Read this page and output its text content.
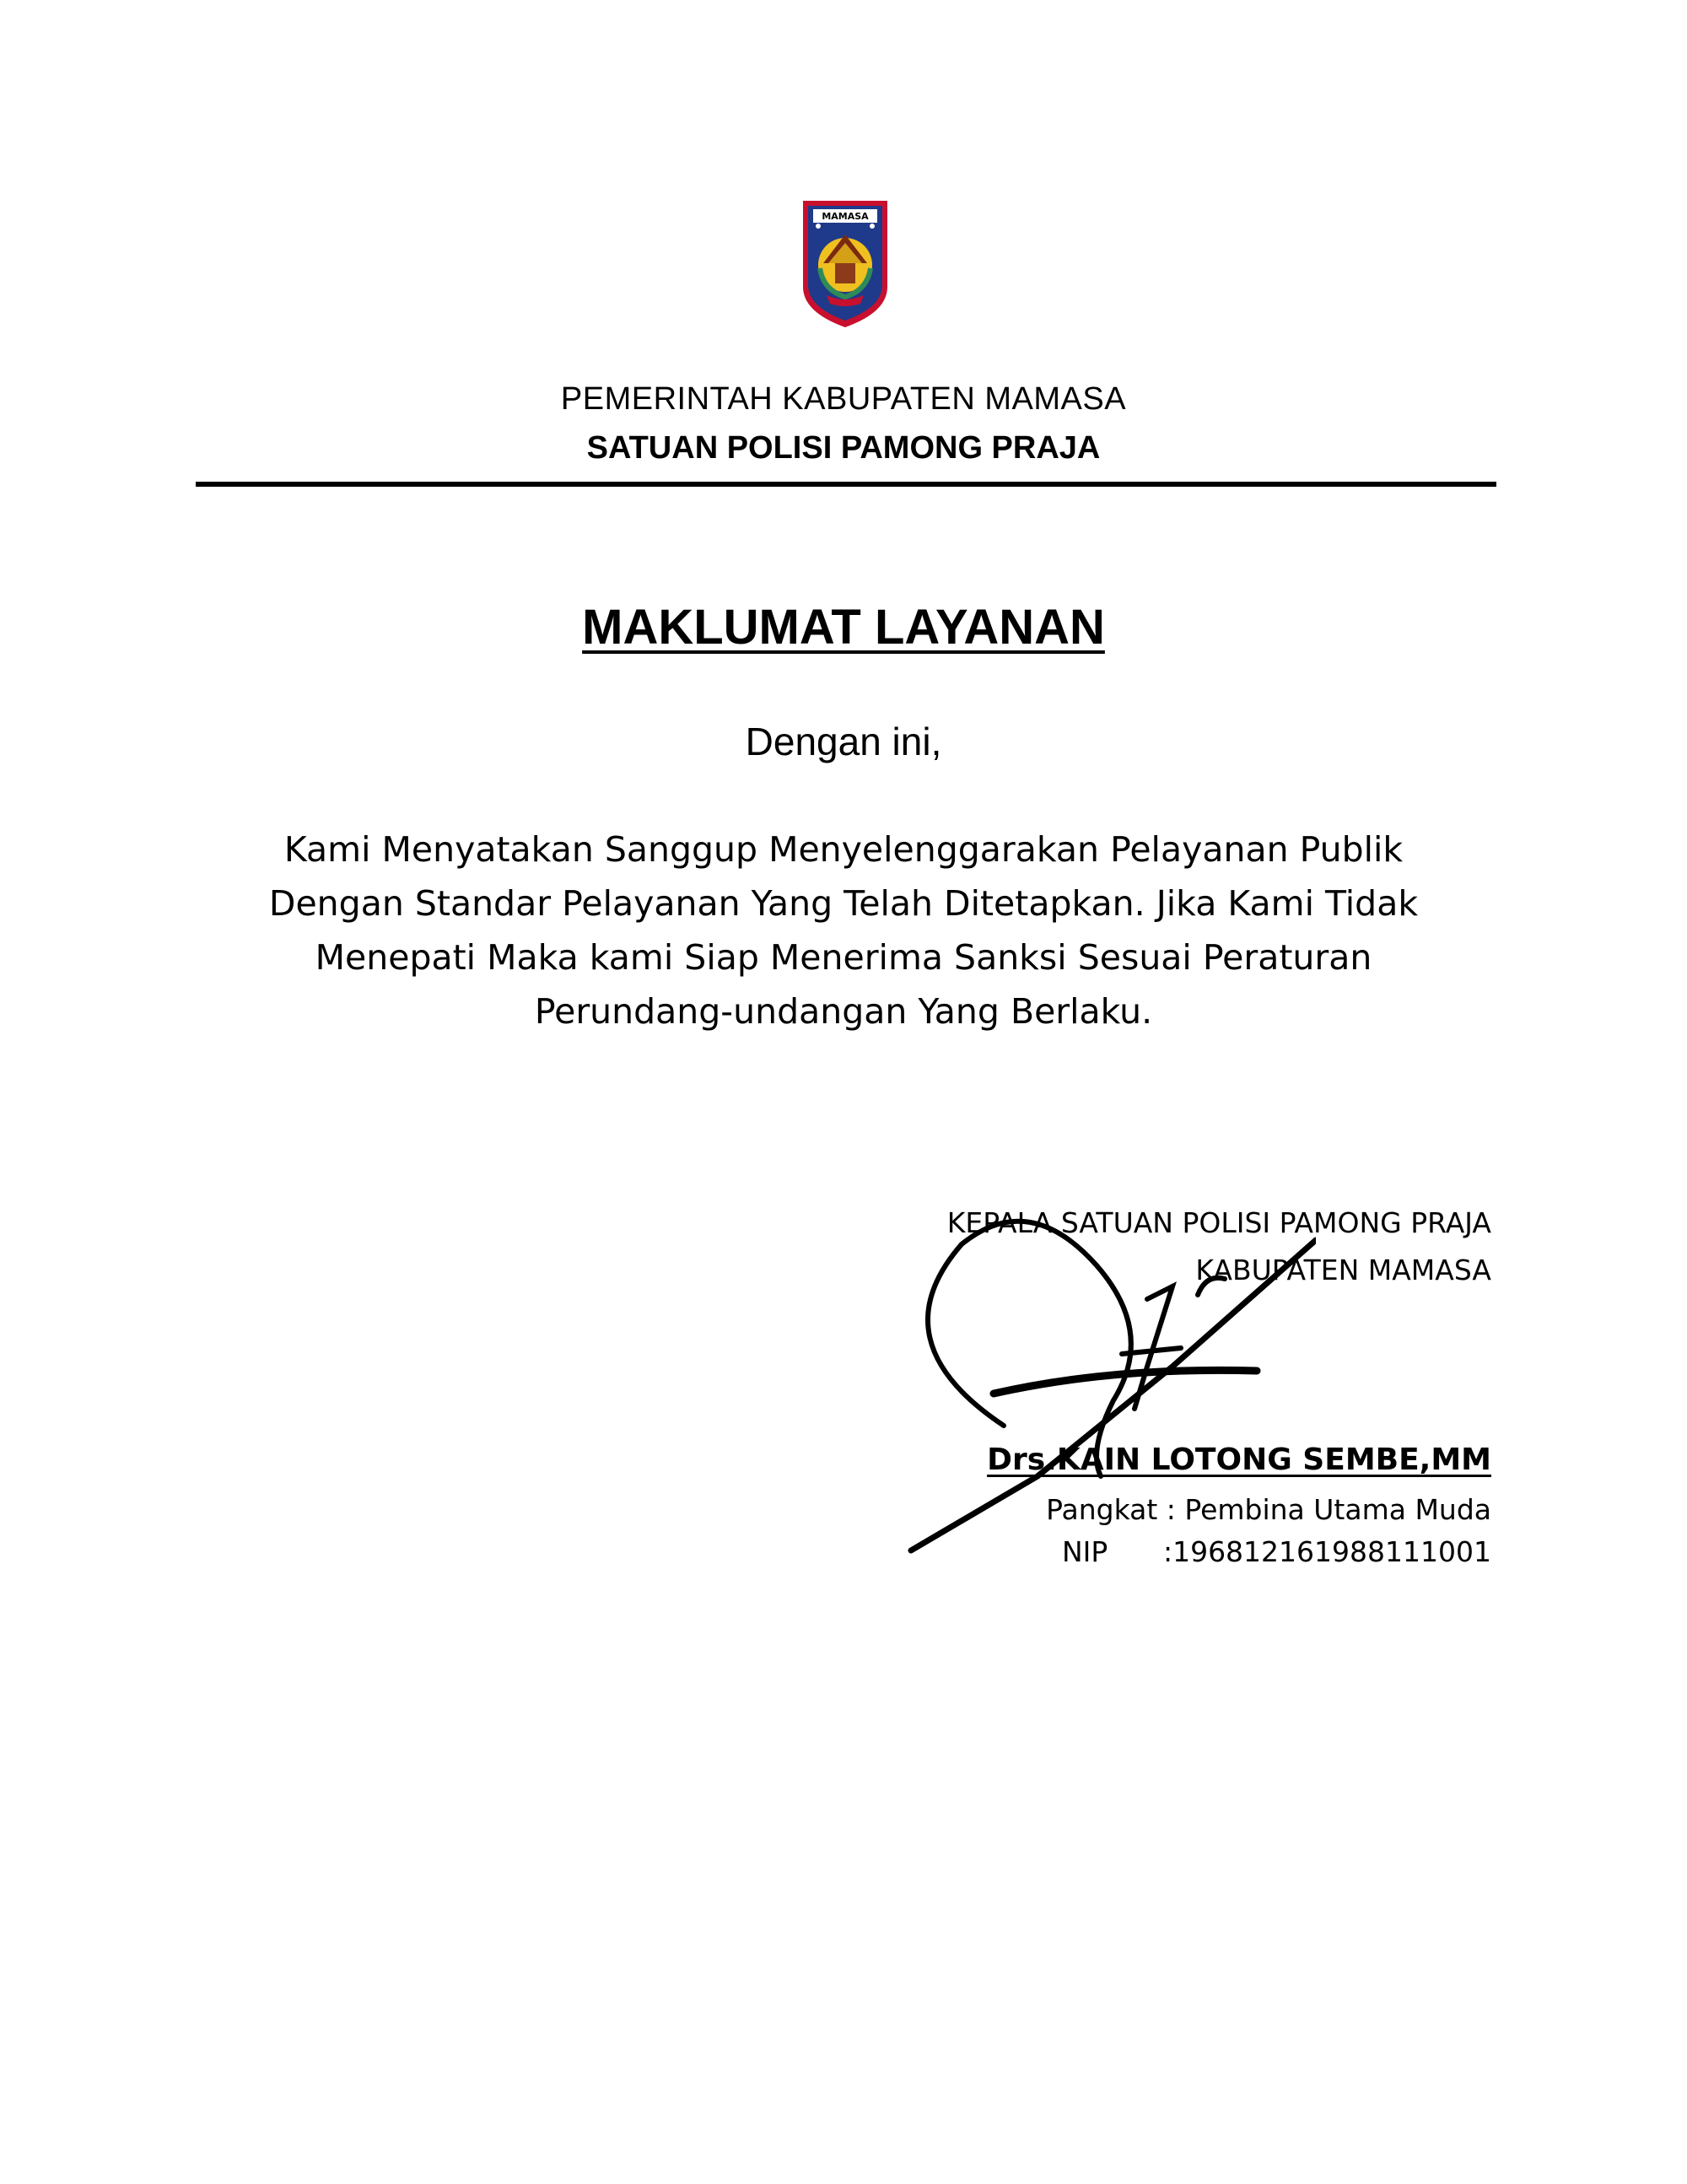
MAMASA
PEMERINTAH KABUPATEN MAMASA
SATUAN POLISI PAMONG PRAJA
MAKLUMAT LAYANAN
Dengan ini,
Kami Menyatakan Sanggup Menyelenggarakan Pelayanan Publik
Dengan Standar Pelayanan Yang Telah Ditetapkan. Jika Kami Tidak
Menepati Maka kami Siap Menerima Sanksi Sesuai Peraturan
Perundang-undangan Yang Berlaku.
KEPALA SATUAN POLISI PAMONG PRAJA
KABUPATEN MAMASA
Drs.KAIN LOTONG SEMBE,MM
Pangkat : Pembina Utama Muda
NIP :196812161988111001
